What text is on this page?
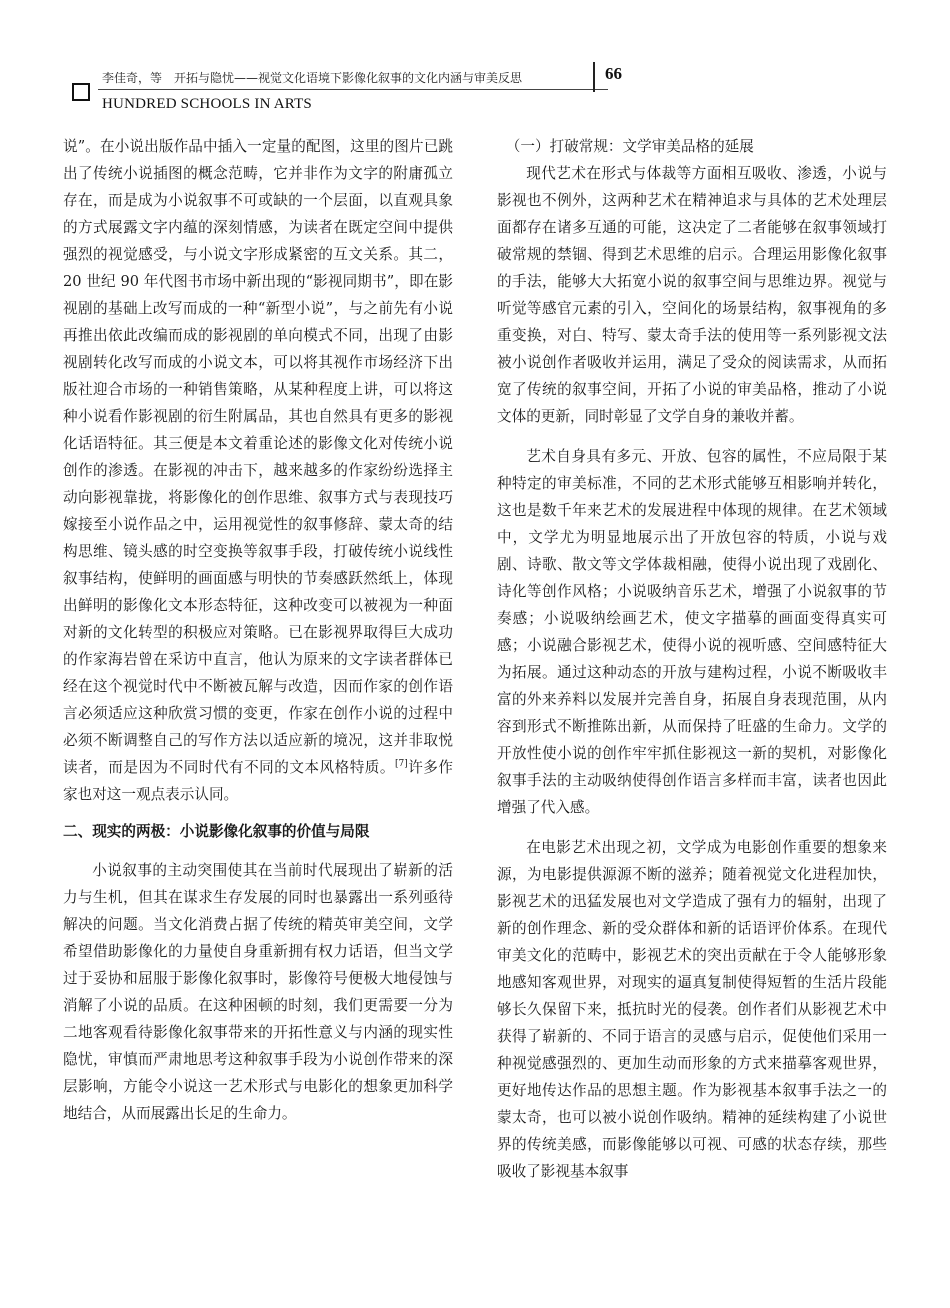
李佳奇，等　开拓与隐忧——视觉文化语境下影像化叙事的文化内涵与审美反思	66
HUNDRED SCHOOLS IN ARTS

说”。在小说出版作品中插入一定量的配图，这里的图片已跳出了传统小说插图的概念范畴，它并非作为文字的附庸孤立存在，而是成为小说叙事不可或缺的一个层面，以直观具象的方式展露文字内蕴的深刻情感，为读者在既定空间中提供强烈的视觉感受，与小说文字形成紧密的互文关系。其二，20 世纪 90 年代图书市场中新出现的“影视同期书”，即在影视剧的基础上改写而成的一种“新型小说”，与之前先有小说再推出依此改编而成的影视剧的单向模式不同，出现了由影视剧转化改写而成的小说文本，可以将其视作市场经济下出版社迎合市场的一种销售策略，从某种程度上讲，可以将这种小说看作影视剧的衍生附属品，其也自然具有更多的影视化话语特征。其三便是本文着重论述的影像文化对传统小说创作的渗透。在影视的冲击下，越来越多的作家纷纷选择主动向影视靠拢，将影像化的创作思维、叙事方式与表现技巧嫁接至小说作品之中，运用视觉性的叙事修辞、蒙太奇的结构思维、镜头感的时空变换等叙事手段，打破传统小说线性叙事结构，使鲜明的画面感与明快的节奏感跃然纸上，体现出鲜明的影像化文本形态特征，这种改变可以被视为一种面对新的文化转型的积极应对策略。已在影视界取得巨大成功的作家海岩曾在采访中直言，他认为原来的文字读者群体已经在这个视觉时代中不断被瓦解与改造，因而作家的创作语言必须适应这种欣赏习惯的变更，作家在创作小说的过程中必须不断调整自己的写作方法以适应新的境况，这并非取悦读者，而是因为不同时代有不同的文本风格特质。[7]许多作家也对这一观点表示认同。

二、现实的两极：小说影像化叙事的价值与局限

小说叙事的主动突围使其在当前时代展现出了崭新的活力与生机，但其在谋求生存发展的同时也暴露出一系列亟待解决的问题。当文化消费占据了传统的精英审美空间，文学希望借助影像化的力量使自身重新拥有权力话语，但当文学过于妥协和屈服于影像化叙事时，影像符号便极大地侵蚀与消解了小说的品质。在这种困顿的时刻，我们更需要一分为二地客观看待影像化叙事带来的开拓性意义与内涵的现实性隐忧，审慎而严肃地思考这种叙事手段为小说创作带来的深层影响，方能令小说这一艺术形式与电影化的想象更加科学地结合，从而展露出长足的生命力。

（一）打破常规：文学审美品格的延展

现代艺术在形式与体裁等方面相互吸收、渗透，小说与影视也不例外，这两种艺术在精神追求与具体的艺术处理层面都存在诸多互通的可能，这决定了二者能够在叙事领域打破常规的禁锢、得到艺术思维的启示。合理运用影像化叙事的手法，能够大大拓宽小说的叙事空间与思维边界。视觉与听觉等感官元素的引入，空间化的场景结构，叙事视角的多重变换，对白、特写、蒙太奇手法的使用等一系列影视文法被小说创作者吸收并运用，满足了受众的阅读需求，从而拓宽了传统的叙事空间，开拓了小说的审美品格，推动了小说文体的更新，同时彰显了文学自身的兼收并蓄。

艺术自身具有多元、开放、包容的属性，不应局限于某种特定的审美标准，不同的艺术形式能够互相影响并转化，这也是数千年来艺术的发展进程中体现的规律。在艺术领域中，文学尤为明显地展示出了开放包容的特质，小说与戏剧、诗歌、散文等文学体裁相融，使得小说出现了戏剧化、诗化等创作风格；小说吸纳音乐艺术，增强了小说叙事的节奏感；小说吸纳绘画艺术，使文字描摹的画面变得真实可感；小说融合影视艺术，使得小说的视听感、空间感特征大为拓展。通过这种动态的开放与建构过程，小说不断吸收丰富的外来养料以发展并完善自身，拓展自身表现范围，从内容到形式不断推陈出新，从而保持了旺盛的生命力。文学的开放性使小说的创作牢牢抓住影视这一新的契机，对影像化叙事手法的主动吸纳使得创作语言多样而丰富，读者也因此增强了代入感。

在电影艺术出现之初，文学成为电影创作重要的想象来源，为电影提供源源不断的滋养；随着视觉文化进程加快，影视艺术的迅猛发展也对文学造成了强有力的辐射，出现了新的创作理念、新的受众群体和新的话语评价体系。在现代审美文化的范畴中，影视艺术的突出贡献在于令人能够形象地感知客观世界，对现实的逼真复制使得短暂的生活片段能够长久保留下来，抵抗时光的侵袭。创作者们从影视艺术中获得了崭新的、不同于语言的灵感与启示，促使他们采用一种视觉感强烈的、更加生动而形象的方式来描摹客观世界，更好地传达作品的思想主题。作为影视基本叙事手法之一的蒙太奇，也可以被小说创作吸纳。精神的延续构建了小说世界的传统美感，而影像能够以可视、可感的状态存续，那些吸收了影视基本叙事
